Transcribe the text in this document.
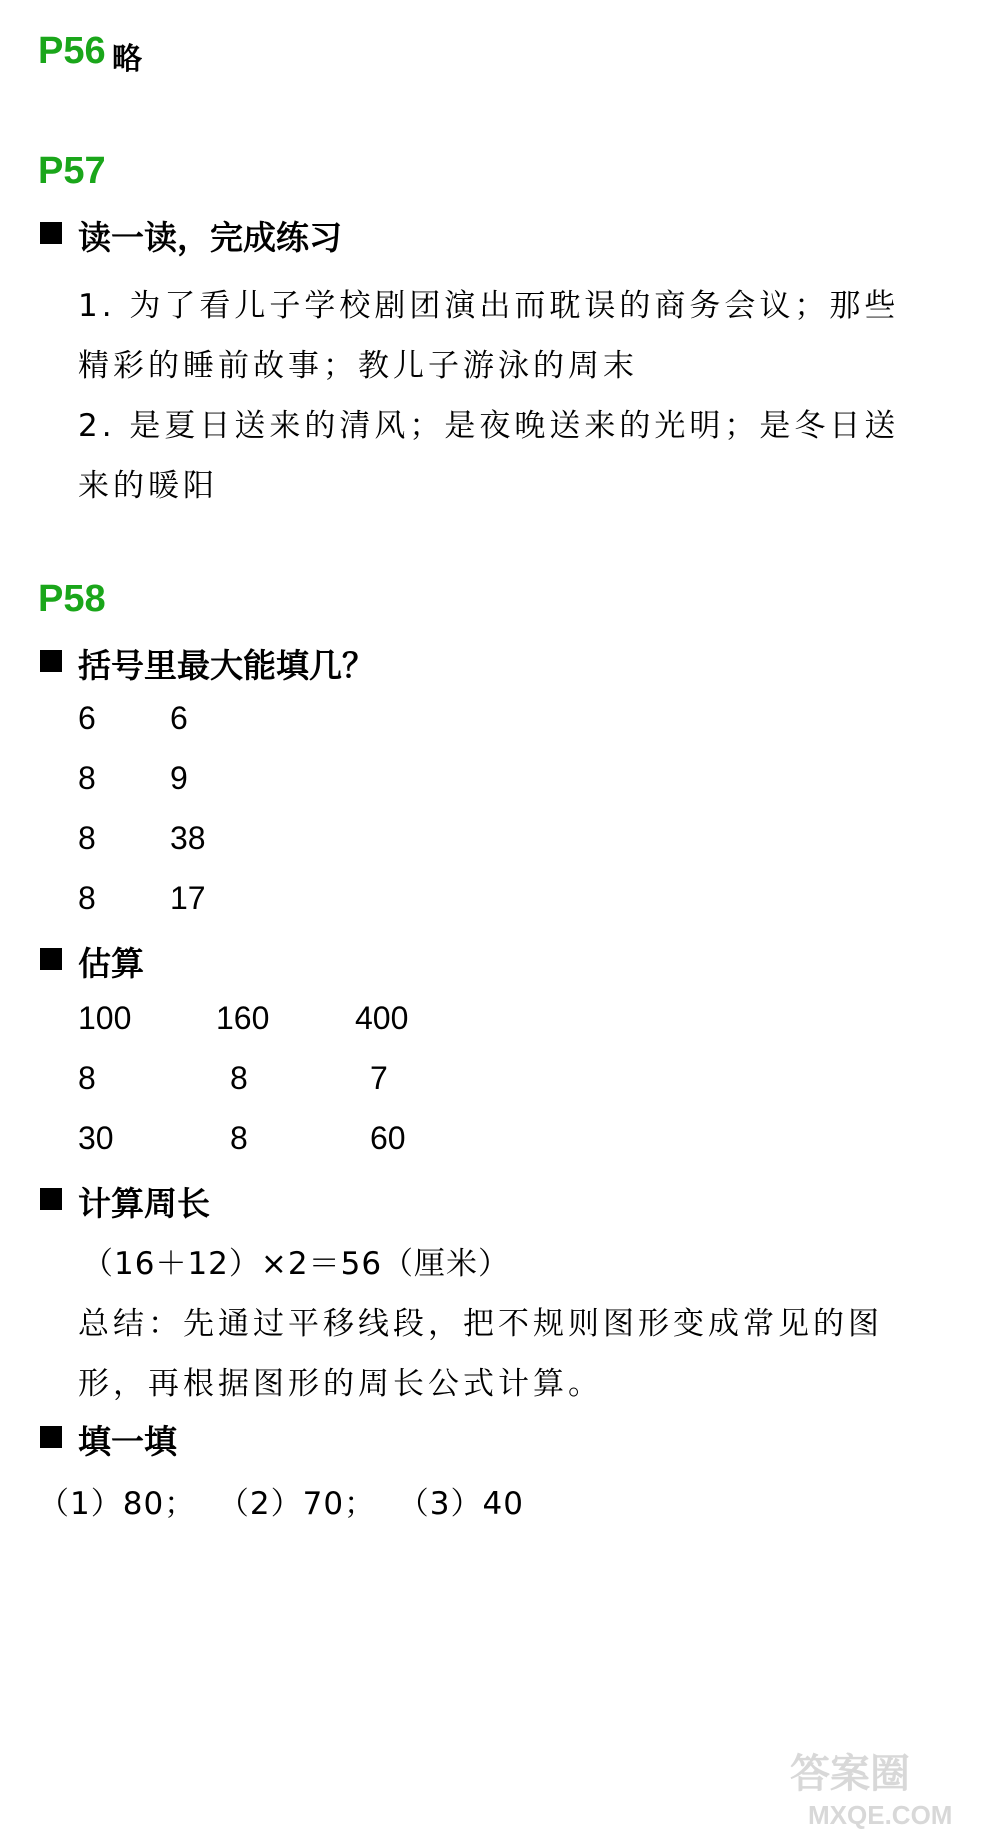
P56 略
P57
读一读，完成练习
1. 为了看儿子学校剧团演出而耽误的商务会议；那些
精彩的睡前故事；教儿子游泳的周末
2. 是夏日送来的清风；是夜晚送来的光明；是冬日送
来的暖阳
P58
括号里最大能填几？
6 6
8 9
8 38
8 17
估算
100	160	400
8	8	7
30	8	60
计算周长
（16＋12）×2＝56（厘米）
总结：先通过平移线段，把不规则图形变成常见的图
形，再根据图形的周长公式计算。
填一填
（1）80；  （2）70；  （3）40
答案圈
MXQE.COM
